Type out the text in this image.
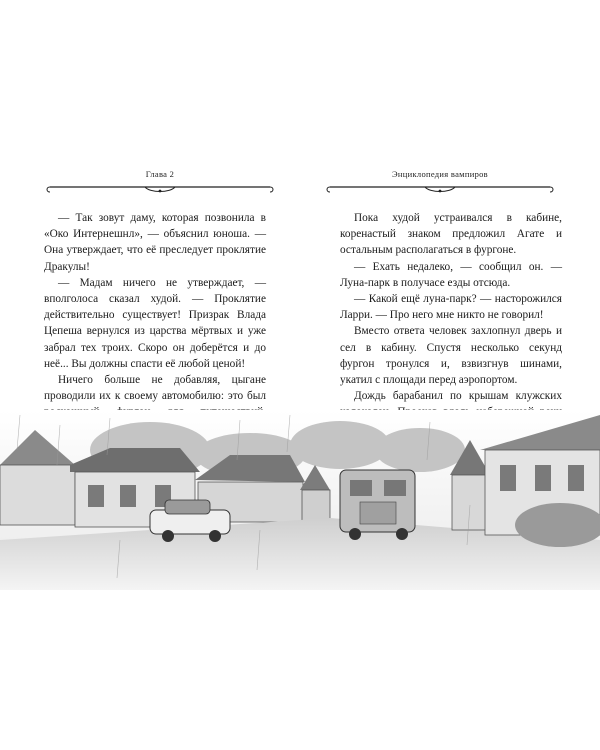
Глава 2

— Так зовут даму, которая позвонила в «Око Интернешнл», — объяснил юноша. — Она утверждает, что её преследует проклятие Дракулы!

— Мадам ничего не утверждает, — вполголоса сказал худой. — Проклятие действительно существует! Призрак Влада Цепеша вернулся из царства мёртвых и уже забрал тех троих. Скоро он доберётся и до неё... Вы должны спасти её любой ценой!

Ничего больше не добавляя, цыгане проводили их к своему автомобилю: это был

Энциклопедия вампиров

Пока худой устраивался в кабине, коренастый знаком предложил Агате и остальным располагаться в фургоне.

— Ехать недалеко, — сообщил он. — Луна-парк в получасе езды отсюда.

— Какой ещё луна-парк? — насторожился Ларри. — Про него мне никто не говорил!

Вместо ответа человек захлопнул дверь и сел в кабину. Спустя несколько секунд фургон тронулся и, взвизгнув шинами, укатил с площади перед аэропортом.

Дождь барабанил по крышам клужских
